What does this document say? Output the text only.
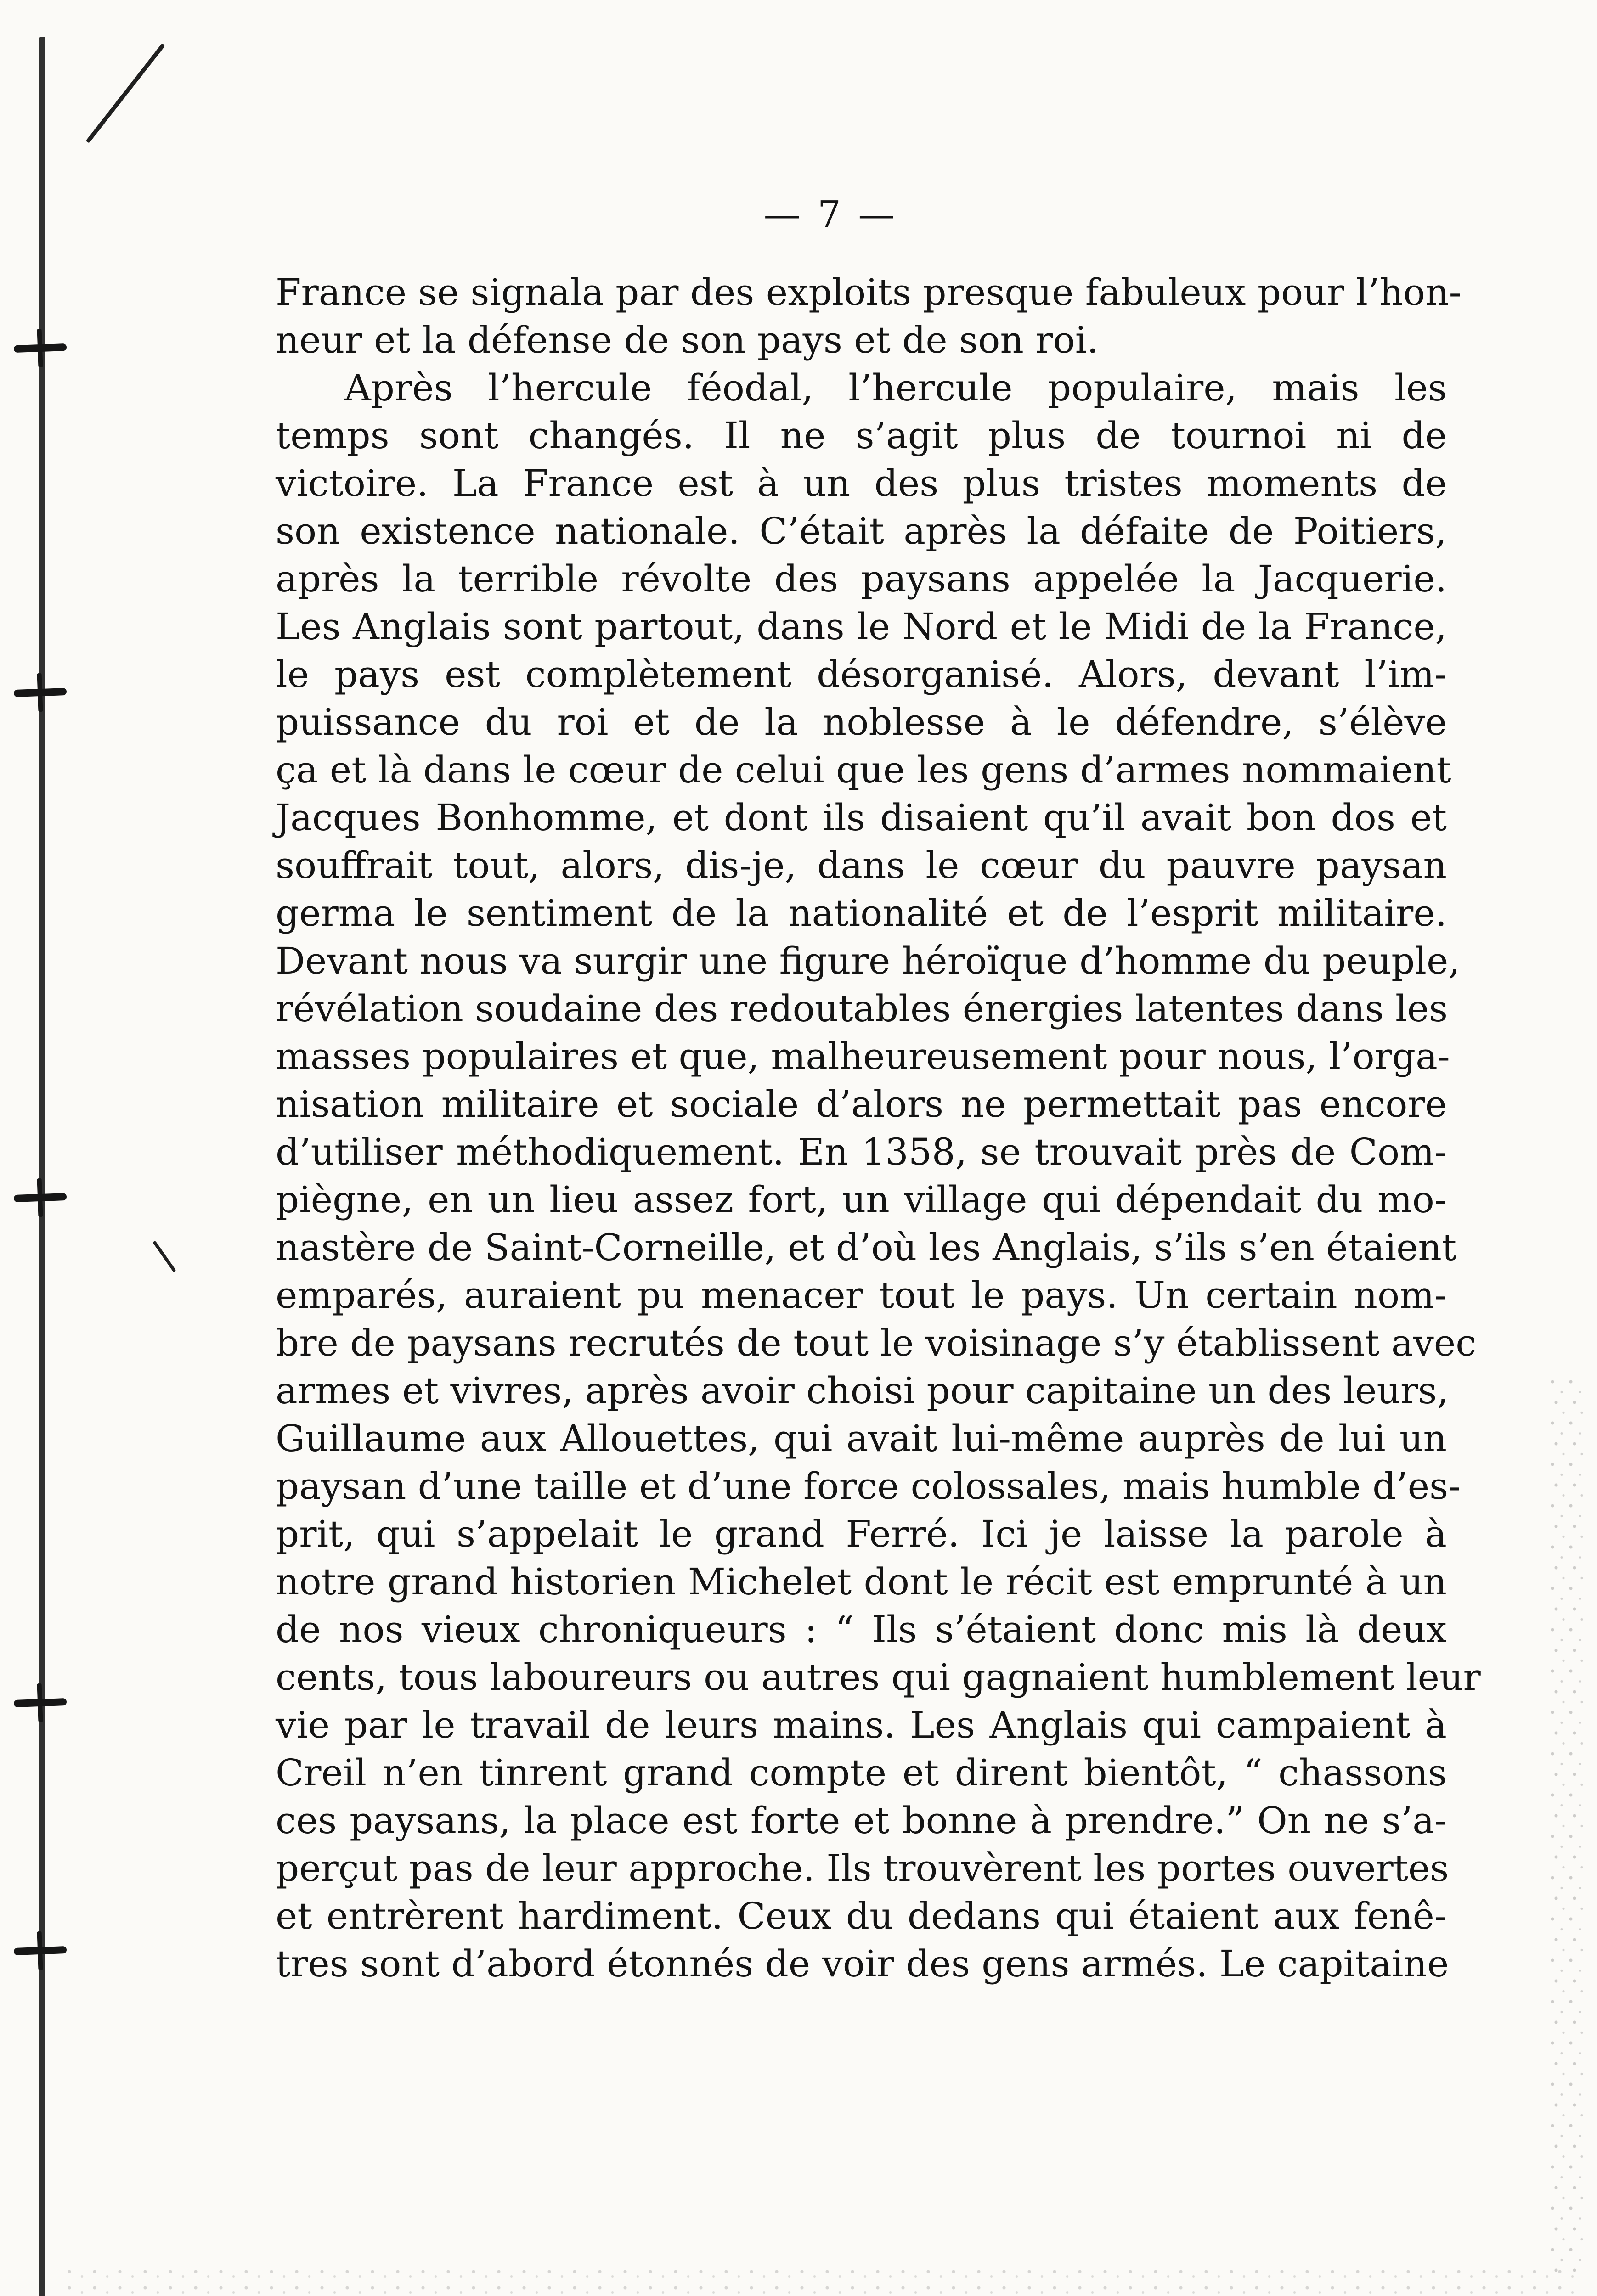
— 7 —
France se signala par des exploits presque fabuleux pour l’hon-
neur et la défense de son pays et de son roi.
Après l’hercule féodal, l’hercule populaire, mais les
temps sont changés. Il ne s’agit plus de tournoi ni de
victoire. La France est à un des plus tristes moments de
son existence nationale. C’était après la défaite de Poitiers,
après la terrible révolte des paysans appelée la Jacquerie.
Les Anglais sont partout, dans le Nord et le Midi de la France,
le pays est complètement désorganisé. Alors, devant l’im-
puissance du roi et de la noblesse à le défendre, s’élève
ça et là dans le cœur de celui que les gens d’armes nommaient
Jacques Bonhomme, et dont ils disaient qu’il avait bon dos et
souffrait tout, alors, dis-je, dans le cœur du pauvre paysan
germa le sentiment de la nationalité et de l’esprit militaire.
Devant nous va surgir une figure héroïque d’homme du peuple,
révélation soudaine des redoutables énergies latentes dans les
masses populaires et que, malheureusement pour nous, l’orga-
nisation militaire et sociale d’alors ne permettait pas encore
d’utiliser méthodiquement. En 1358, se trouvait près de Com-
piègne, en un lieu assez fort, un village qui dépendait du mo-
nastère de Saint-Corneille, et d’où les Anglais, s’ils s’en étaient
emparés, auraient pu menacer tout le pays. Un certain nom-
bre de paysans recrutés de tout le voisinage s’y établissent avec
armes et vivres, après avoir choisi pour capitaine un des leurs,
Guillaume aux Allouettes, qui avait lui-même auprès de lui un
paysan d’une taille et d’une force colossales, mais humble d’es-
prit, qui s’appelait le grand Ferré. Ici je laisse la parole à
notre grand historien Michelet dont le récit est emprunté à un
de nos vieux chroniqueurs : “ Ils s’étaient donc mis là deux
cents, tous laboureurs ou autres qui gagnaient humblement leur
vie par le travail de leurs mains. Les Anglais qui campaient à
Creil n’en tinrent grand compte et dirent bientôt, “ chassons
ces paysans, la place est forte et bonne à prendre.” On ne s’a-
perçut pas de leur approche. Ils trouvèrent les portes ouvertes
et entrèrent hardiment. Ceux du dedans qui étaient aux fenê-
tres sont d’abord étonnés de voir des gens armés. Le capitaine
